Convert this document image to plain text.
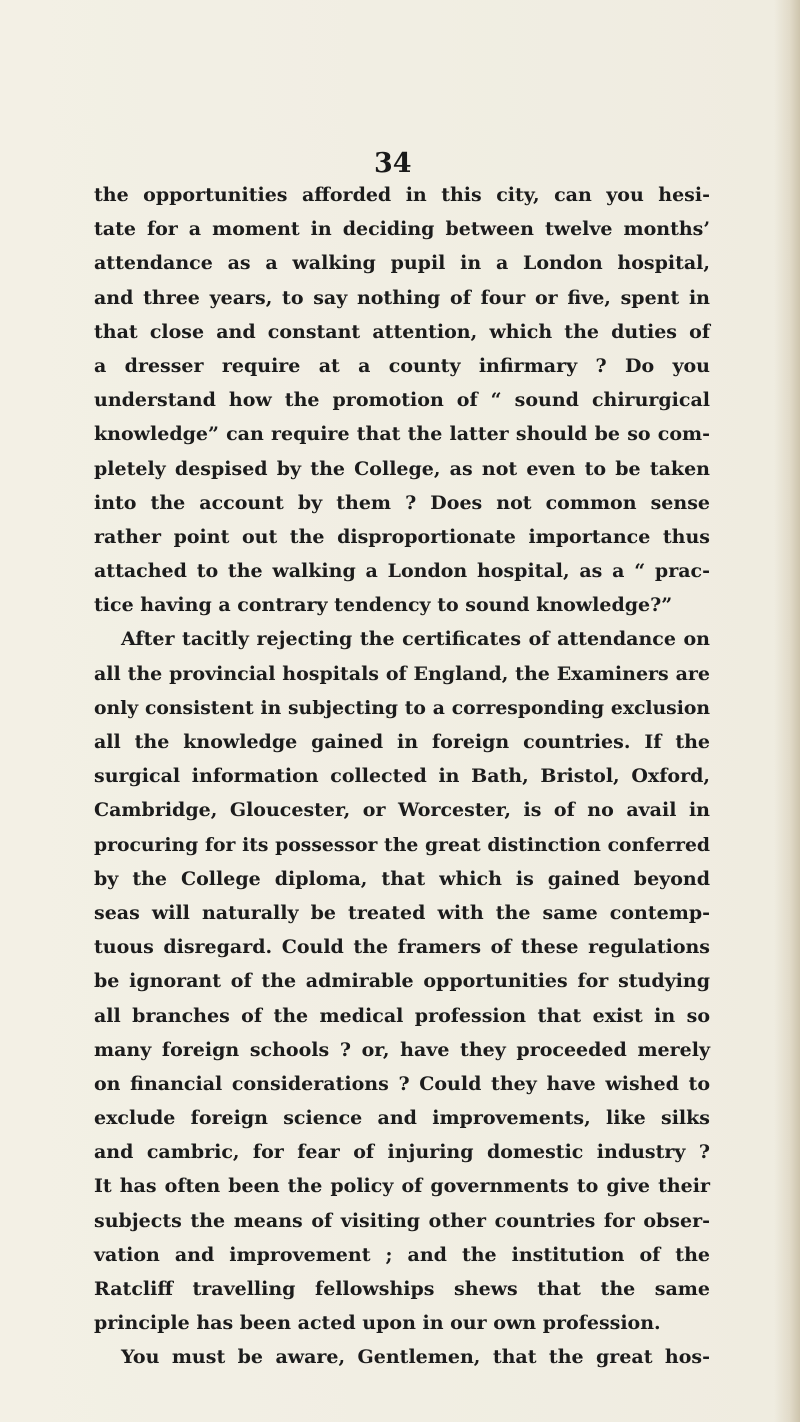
34
the opportunities afforded in this city, can you hesi-
tate for a moment in deciding between twelve months’
attendance as a walking pupil in a London hospital,
and three years, to say nothing of four or five, spent in
that close and constant attention, which the duties of
a dresser require at a county infirmary ? Do you
understand how the promotion of “ sound chirurgical
knowledge” can require that the latter should be so com-
pletely despised by the College, as not even to be taken
into the account by them ? Does not common sense
rather point out the disproportionate importance thus
attached to the walking a London hospital, as a “ prac-
tice having a contrary tendency to sound knowledge?”
After tacitly rejecting the certificates of attendance on
all the provincial hospitals of England, the Examiners are
only consistent in subjecting to a corresponding exclusion
all the knowledge gained in foreign countries. If the
surgical information collected in Bath, Bristol, Oxford,
Cambridge, Gloucester, or Worcester, is of no avail in
procuring for its possessor the great distinction conferred
by the College diploma, that which is gained beyond
seas will naturally be treated with the same contemp-
tuous disregard. Could the framers of these regulations
be ignorant of the admirable opportunities for studying
all branches of the medical profession that exist in so
many foreign schools ? or, have they proceeded merely
on financial considerations ? Could they have wished to
exclude foreign science and improvements, like silks
and cambric, for fear of injuring domestic industry ?
It has often been the policy of governments to give their
subjects the means of visiting other countries for obser-
vation and improvement ; and the institution of the
Ratcliff travelling fellowships shews that the same
principle has been acted upon in our own profession.
You must be aware, Gentlemen, that the great hos-
